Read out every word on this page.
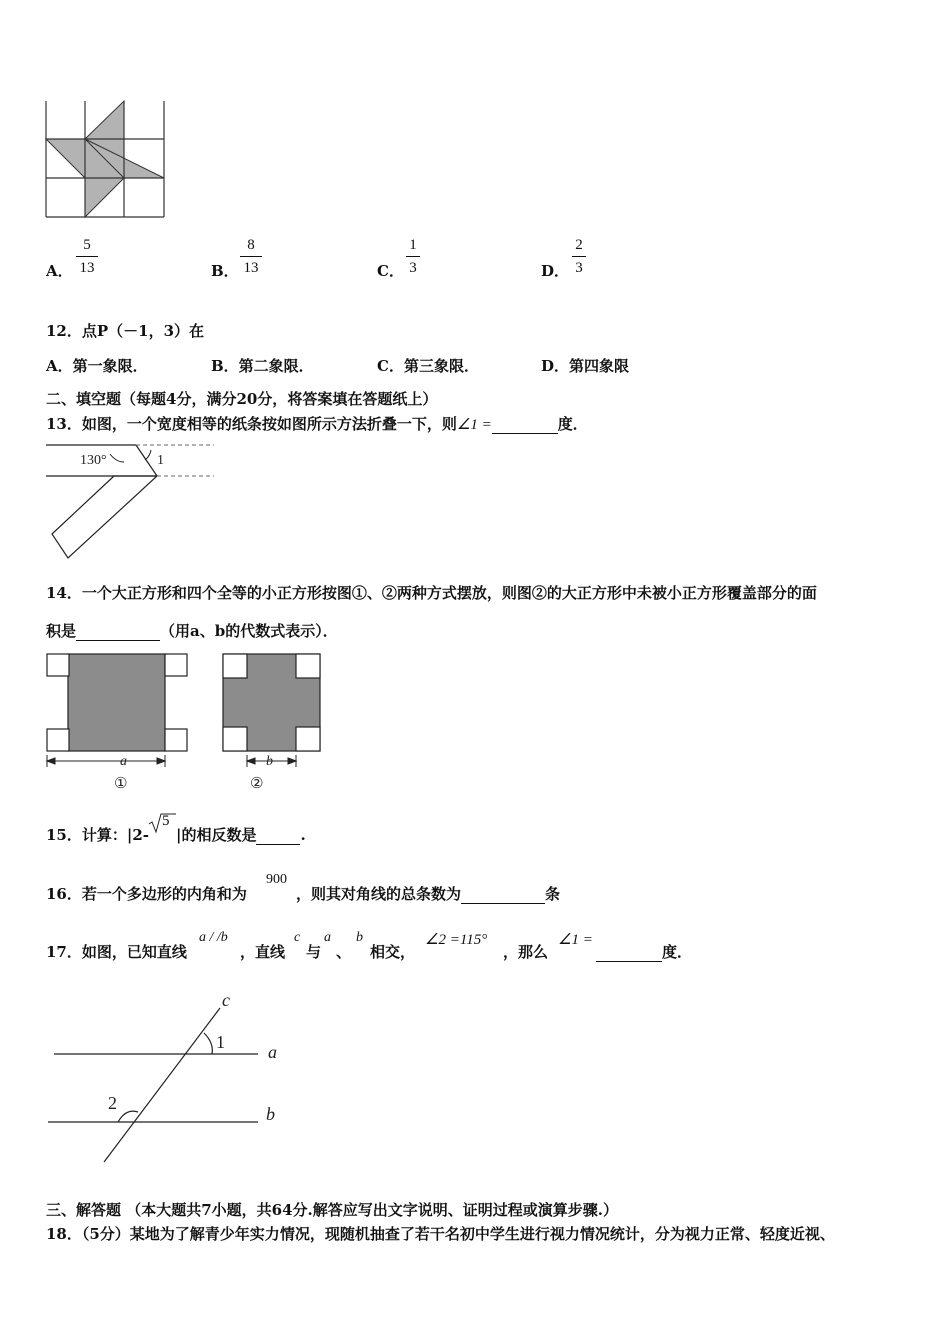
A．
5
13	B．
8
13	C．
1
3	D．
2
3
12．点P（－1，3）在
A．第一象限．	B．第二象限．	C．第三象限．	D．第四象限
二、填空题（每题4分，满分20分，将答案填在答题纸上）
13．如图，一个宽度相等的纸条按如图所示方法折叠一下，则∠1 =	度．
130°	1
14．一个大正方形和四个全等的小正方形按图①、②两种方式摆放，则图②的大正方形中未被小正方形覆盖部分的面
积是	（用a、b的代数式表示）．
a
①
b
②
15．计算：|2-
5
|的相反数是	.
16．若一个多边形的内角和为
900
，则其对角线的总条数为	条
17．如图，已知直线
a / /b
，直线
c
与
a
、
b
相交，
∠2 =115°
，那么
∠1 =
度．
c
1 a
2
b
三、解答题 （本大题共7小题，共64分.解答应写出文字说明、证明过程或演算步骤.）
18．（5分）某地为了解青少年实力情况，现随机抽查了若干名初中学生进行视力情况统计，分为视力正常、轻度近视、
